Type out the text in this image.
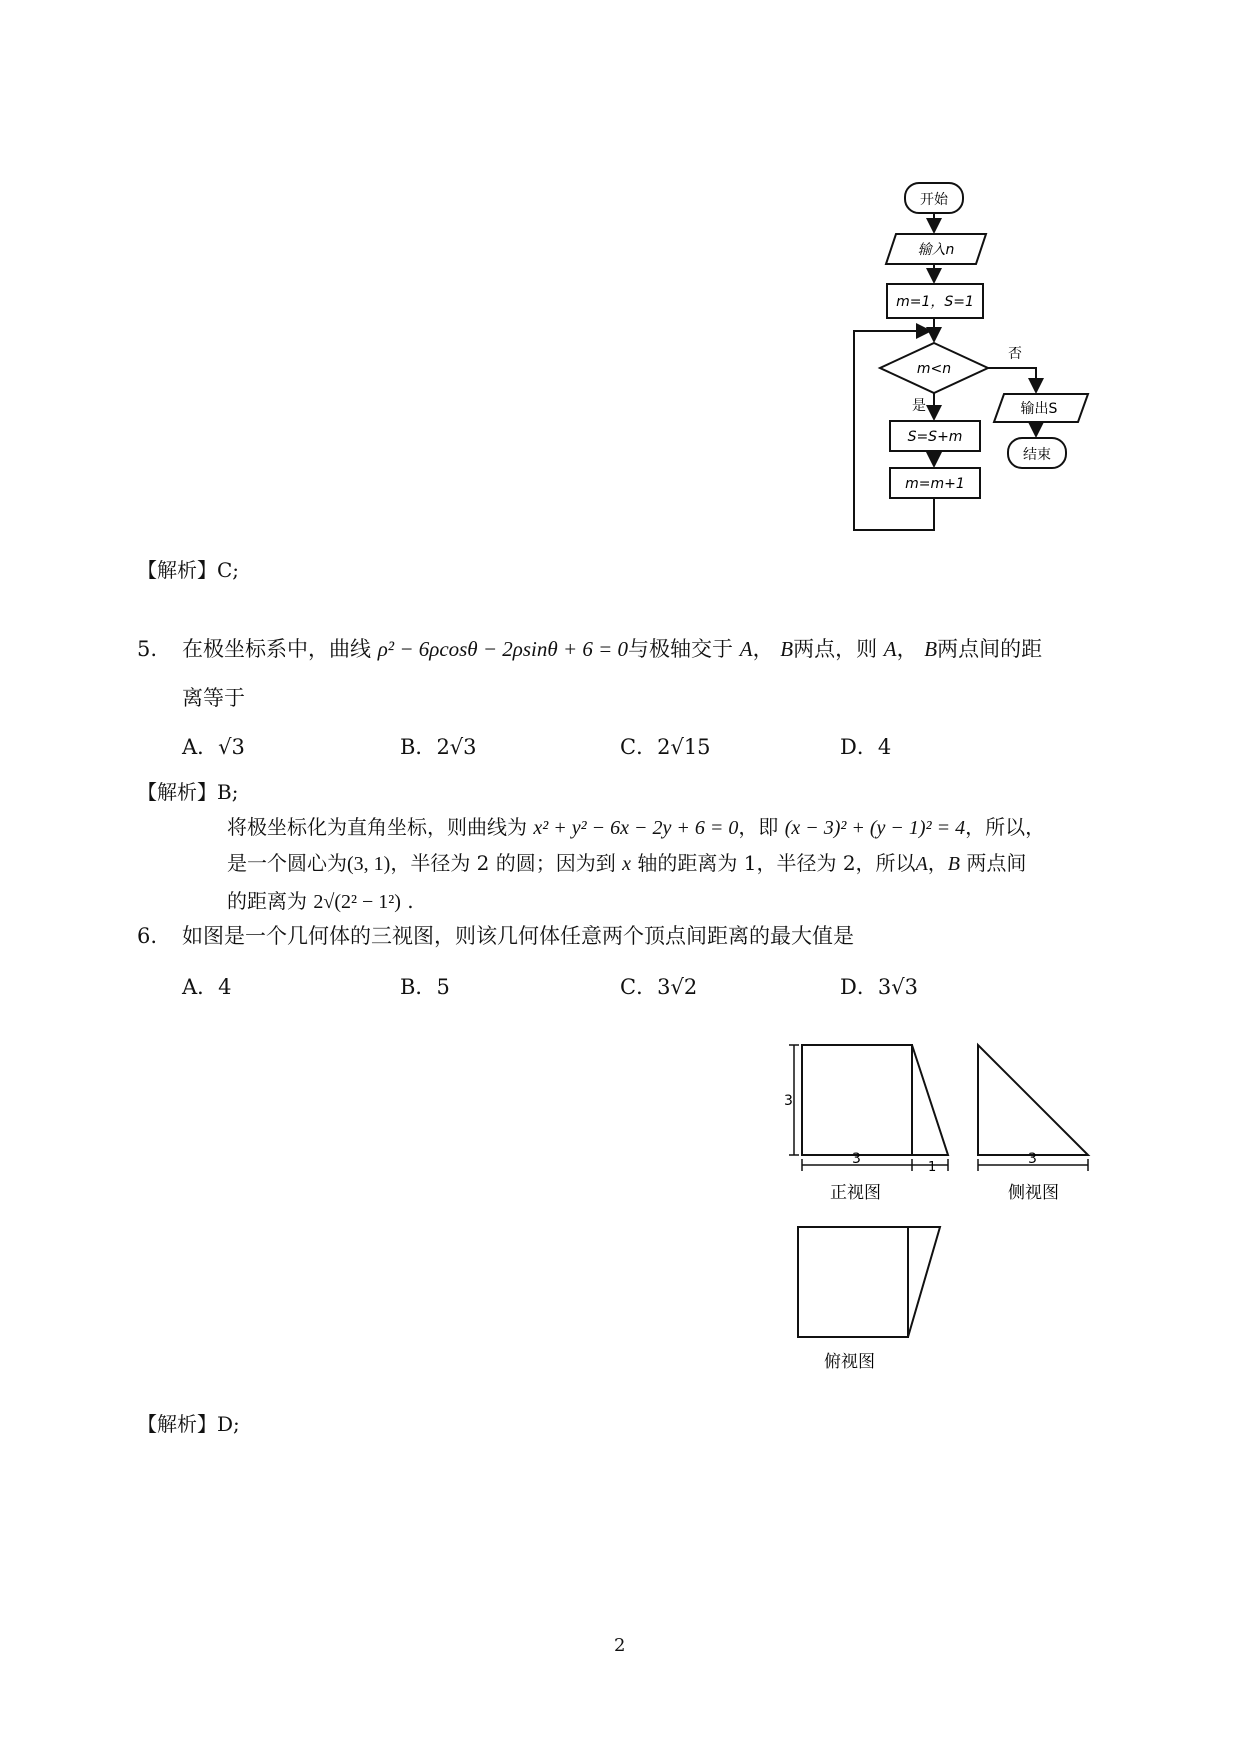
开始
输入n
m=1，S=1
m<n
是
否
S=S+m
m=m+1
输出S
结束
【解析】C;
5. 在极坐标系中，曲线 ρ² − 6ρcosθ − 2ρsinθ + 6 = 0与极轴交于 A， B两点，则 A， B两点间的距
离等于
A．√3	B．2√3	C．2√15	D．4
【解析】B;
将极坐标化为直角坐标，则曲线为 x² + y² − 6x − 2y + 6 = 0，即 (x − 3)² + (y − 1)² = 4，所以，
是一个圆心为(3, 1)，半径为 2 的圆；因为到 x 轴的距离为 1，半径为 2，所以A，B 两点间
的距离为 2√(2² − 1²) .
6. 如图是一个几何体的三视图，则该几何体任意两个顶点间距离的最大值是
A．4	B．5	C．3√2	D．3√3
3
3
1
正视图
3
侧视图
俯视图
【解析】D;
2
